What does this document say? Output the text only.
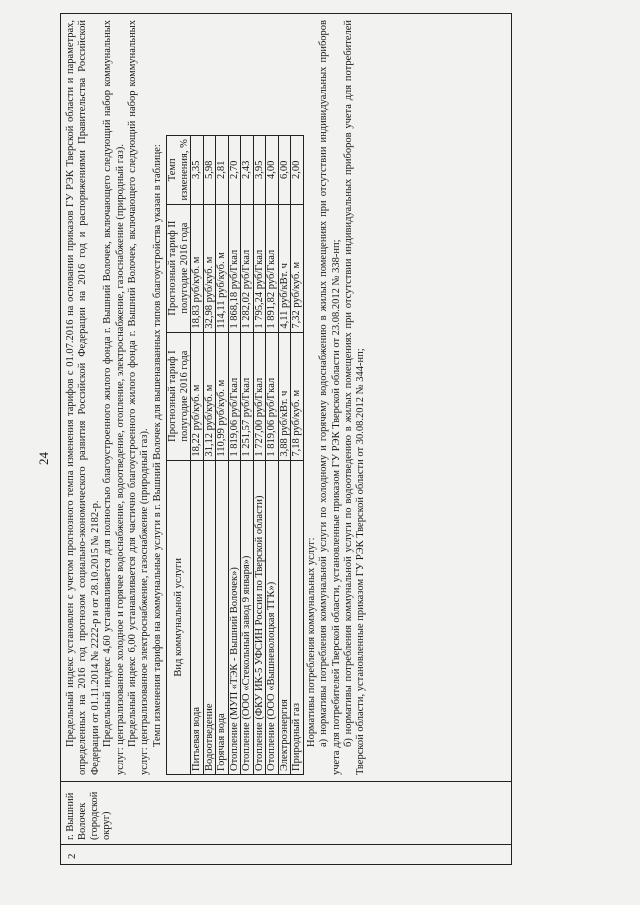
24
2
г. Вышний Волочек (городской округ)

Предельный индекс установлен с учетом прогнозного темпа изменения тарифов с 01.07.2016 на основании приказов ГУ РЭК Тверской области и параметрах, определенных на 2016 год прогнозом социально-экономического развития Российской Федерации на 2016 год и распоряжениями Правительства Российской Федерации от 01.11.2014 № 2222-р и от 28.10.2015 № 2182-р. Предельный индекс 4,60 устанавливается для полностью благоустроенного жилого фонда г. Вышний Волочек, включающего следующий набор коммунальных услуг: централизованное холодное и горячее водоснабжение, водоотведение, отопление, электроснабжение, газоснабжение (природный газ). Предельный индекс 6,00 устанавливается для частично благоустроенного жилого фонда г. Вышний Волочек, включающего следующий набор коммунальных услуг: централизованное электроснабжение, газоснабжение (природный газ). Темп изменения тарифов на коммунальные услуги в г. Вышний Волочек для вышеназванных типов благоустройства указан в таблице: Вид коммунальной услуги	Прогнозный тариф I полугодие 2016 года	Прогнозный тариф II полугодие 2016 года	Темп изменения, %
Питьевая вода	18,22 руб/куб. м	18,83 руб/куб. м	3,35
Водоотведение	31,12 руб/куб. м	32,98 руб/куб. м	5,98
Горячая вода	110,99 руб/куб. м	114,11 руб/куб. м	2,81
Отопление (МУП «ТЭК - Вышний Волочек»)	1 819,06 руб/Гкал	1 868,18 руб/Гкал	2,70
Отопление (ООО «Стекольный завод 9 января»)	1 251,57 руб/Гкал	1 282,02 руб/Гкал	2,43
Отопление (ФКУ ИК-5 УФСИН России по Тверской области)	1 727,00 руб/Гкал	1 795,24 руб/Гкал	3,95
Отопление (ООО «Вышневолоцкая ТГК»)	1 819,06 руб/Гкал	1 891,82 руб/Гкал	4,00
Электроэнергия	3,88 руб/кВт. ч	4,11 руб/кВт. ч	6,00
Природный газ	7,18 руб/куб. м	7,32 руб/куб. м	2,00

Нормативы потребления коммунальных услуг: а) нормативы потребления коммунальной услуги по холодному и горячему водоснабжению в жилых помещениях при отсутствии индивидуальных приборов учета для потребителей Тверской области, установленные приказом ГУ РЭК Тверской области от 23.08.2012 № 338-нп; б) нормативы потребления коммунальной услуги по водоотведению в жилых помещениях при отсутствии индивидуальных приборов учета для потребителей Тверской области, установленные приказом ГУ РЭК Тверской области от 30.08.2012 № 344-нп;
